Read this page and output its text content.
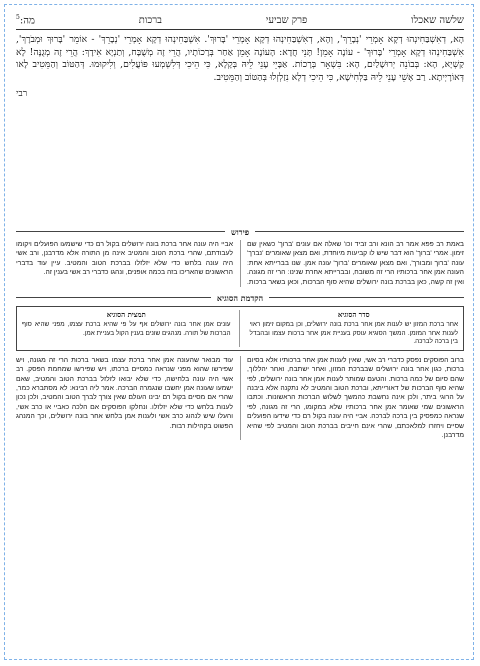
שלשה שאכלו
פרק שביעי
ברכות
מה:$^5$

הָא, דְאִשְׁבַּחִינְהוּ דְקָא אָמְרֵי 'נְבָרֵךְ', וְהָא, דְאִשְׁבַּחִינְהוּ דְקָא אָמְרֵי 'בָּרוּךְ'. אִשְׁבַּחִינְהוּ דְקָא אָמְרֵי 'נְבָרֵךְ' - אוֹמֵר 'בָּרוּךְ וּמְבֹרָךְ', אִשְׁבַּחִינְהוּ דְקָא אָמְרֵי 'בָּרוּךְ' - עוֹנֶה אָמֵן! תָּנֵי חֲדָא: הָעוֹנֶה אָמֵן אַחַר בְּרָכוֹתָיו, הֲרֵי זֶה מְשֻׁבָּח, וְתַנְיָא אִידָךְ: הֲרֵי זֶה מְגֻנֶּה! לָא קַשְׁיָא, הָא: בְּבוֹנֵה יְרוּשָׁלַיִם, הָא: בִּשְׁאָר בְּרָכוֹת. אַבָּיֵי עָנֵי לֵיהּ בְּקָלָא, כִּי הֵיכִי דְּלִשְׁמְעוּ פּוֹעֲלִים, וְלִיקוּמוּ. דְּהַטּוֹב וְהַמֵּטִיב לָאו דְּאוֹרָיְיתָא. רַב אָשֵׁי עָנֵי לֵיהּ בַּלְּחִישָׁא, כִּי הֵיכִי דְלָא נִזַלְזְלוּ בְּהַטּוֹב וְהַמֵּטִיב.

רבי
פירוש
באמת רב פפא אמר רב הונא ורב זביד וכו' שאלה אם עונים 'ברוך' כשאין שם זימון. אמרי 'ברוך' הוא דבר שיש לו קביעות מיוחדת, ואם מצאן שאומרים 'נברך' עונה 'ברוך ומבורך', ואם מצאן שאומרים 'ברוך' עונה אמן. שנו בברייתא אחת: העונה אמן אחר ברכותיו הרי זה משובח, ובברייתא אחרת שנינו: הרי זה מגונה. ואין זה קשה, כאן בברכת בונה ירושלים שהיא סוף הברכות, וכאן בשאר ברכות. אביי היה עונה אחר ברכת בונה ירושלים בקול רם כדי שישמעו הפועלים ויקומו לעבודתם, שהרי ברכת הטוב והמטיב אינה מן התורה אלא מדרבנן, ורב אשי היה עונה בלחש כדי שלא יזלזלו בברכת הטוב והמטיב. עיין עוד בדברי הראשונים שהאריכו בזה בכמה אופנים, ונהגו כדברי רב אשי בענין זה.
הקדמת הסוגיא
סדר הסוגיא
אחר ברכת המזון יש לענות אמן אחר ברכת בונה ירושלים, וכן במקום זימון ראוי לענות אחר המזמן. המשך הסוגיא עוסק בעניית אמן אחר ברכות עצמו ובהבדל בין ברכה לברכה.
תמצית הסוגיא
עונים אמן אחר בונה ירושלים אף על פי שהיא ברכת עצמו, מפני שהיא סוף הברכות של תורה. מנהגים שונים בענין הקול בעניית אמן.

ברוב הפוסקים נפסק כדברי רב אשי, שאין לענות אמן אחר ברכותיו אלא בסיום ברכות, כגון אחר בונה ירושלים שבברכת המזון, ואחר ישתבח, ואחר יהללוך, שהם סיום של כמה ברכות. והטעם שמותר לענות אמן אחר בונה ירושלים, לפי שהיא סוף הברכות של דאורייתא, וברכת הטוב והמטיב לא נתקנה אלא ביבנה על הרוגי ביתר, ולכן אינה נחשבת כהמשך לשלוש הברכות הראשונות. וכתבו הראשונים שמי שאומר אמן אחר ברכותיו שלא במקומו, הרי זה מגונה, לפי שנראה כמפסיק בין ברכה לברכה. אביי היה עונה בקול רם כדי שידעו הפועלים שסיים ויחזרו למלאכתם, שהרי אינם חייבים בברכת הטוב והמטיב לפי שהיא מדרבנן.

עוד מבואר שהעונה אמן אחר ברכת עצמו בשאר ברכות הרי זה מגונה, ויש שפירשו שהוא מפני שנראה כמסיים ברכתו, ויש שפירשו שמחמת הפסק. רב אשי היה עונה בלחישה, כדי שלא יבואו לזלזל בברכת הטוב והמטיב, שאם ישמעו שעונה אמן יחשבו שנגמרה הברכה. אמר ליה רבינא: לא מסתברא כמר, שהרי אם מסיים בקול רם יבינו העולם שאין צורך לברך הטוב והמטיב, ולכן נכון לענות בלחש כדי שלא יזלזלו. ונחלקו הפוסקים אם הלכה כאביי או כרב אשי, והעלו שיש לנהוג כרב אשי ולענות אמן בלחש אחר בונה ירושלים, וכך המנהג הפשוט בקהילות רבות.
